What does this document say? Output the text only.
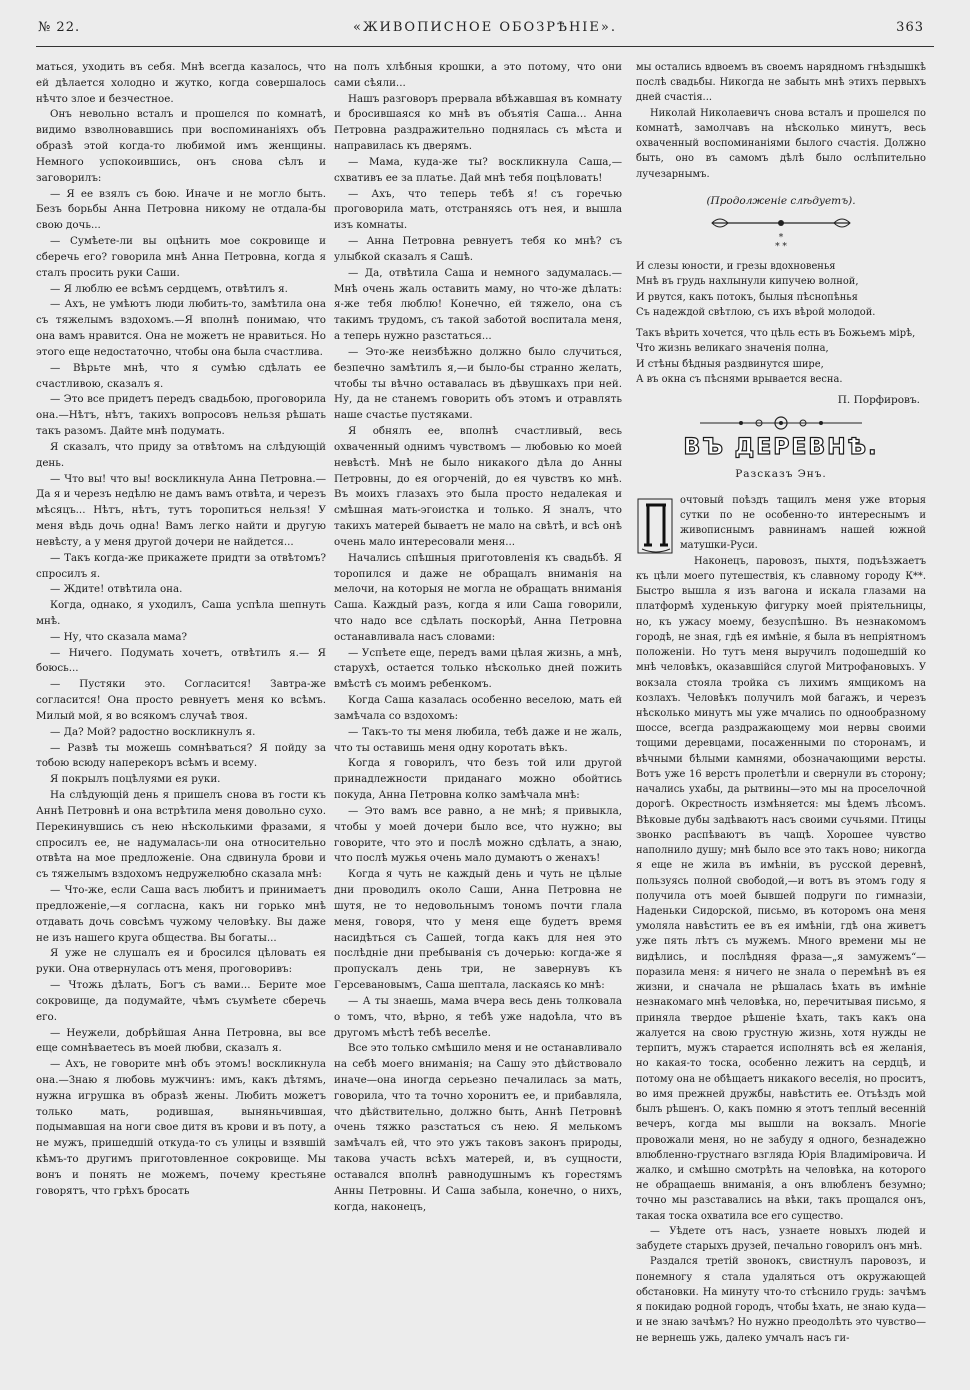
№ 22.	«ЖИВОПИСНОЕ ОБОЗРѢНІЕ».	363

маться, уходить въ себя. Мнѣ всегда казалось, что ей дѣлается холодно и жутко, когда совершалось нѣчто злое и безчестное.

Онъ невольно всталъ и прошелся по комнатѣ, видимо взволновавшись при воспоминаніяхъ объ образѣ этой когда-то любимой имъ женщины. Немного успокоившись, онъ снова сѣлъ и заговорилъ:

— Я ее взялъ съ бою. Иначе и не могло быть. Безъ борьбы Анна Петровна никому не отдала-бы свою дочь...

— Сумѣете-ли вы оцѣнить мое сокровище и сберечь его? говорила мнѣ Анна Петровна, когда я сталъ просить руки Саши.

— Я люблю ее всѣмъ сердцемъ, отвѣтилъ я.

— Ахъ, не умѣютъ люди любить-то, замѣтила она съ тяжелымъ вздохомъ.—Я вполнѣ понимаю, что она вамъ нравится. Она не можетъ не нравиться. Но этого еще недостаточно, чтобы она была счастлива.

— Вѣрьте мнѣ, что я сумѣю сдѣлать ее счастливою, сказалъ я.

— Это все придетъ передъ свадьбою, проговорила она.—Нѣтъ, нѣтъ, такихъ вопросовъ нельзя рѣшать такъ разомъ. Дайте мнѣ подумать.

Я сказалъ, что приду за отвѣтомъ на слѣдующій день.

— Что вы! что вы! воскликнула Анна Петровна.—Да я и черезъ недѣлю не дамъ вамъ отвѣта, и черезъ мѣсяцъ... Нѣтъ, нѣтъ, тутъ торопиться нельзя! У меня вѣдь дочь одна! Вамъ легко найти и другую невѣсту, а у меня другой дочери не найдется...

— Такъ когда-же прикажете придти за отвѣтомъ? спросилъ я.

— Ждите! отвѣтила она.

Когда, однако, я уходилъ, Саша успѣла шепнуть мнѣ.

— Ну, что сказала мама?

— Ничего. Подумать хочетъ, отвѣтилъ я.— Я боюсь...

— Пустяки это. Согласится! Завтра-же согласится! Она просто ревнуетъ меня ко всѣмъ. Милый мой, я во всякомъ случаѣ твоя.

— Да? Мой? радостно воскликнулъ я.

— Развѣ ты можешь сомнѣваться? Я пойду за тобою всюду наперекоръ всѣмъ и всему.

Я покрылъ поцѣлуями ея руки.

На слѣдующій день я пришелъ снова въ гости къ Аннѣ Петровнѣ и она встрѣтила меня довольно сухо. Перекинувшись съ нею нѣсколькими фразами, я спросилъ ее, не надумалась-ли она относительно отвѣта на мое предложеніе. Она сдвинула брови и съ тяжелымъ вздохомъ недружелюбно сказала мнѣ:

— Что-же, если Саша васъ любитъ и принимаетъ предложеніе,—я согласна, какъ ни горько мнѣ отдавать дочь совсѣмъ чужому человѣку. Вы даже не изъ нашего круга общества. Вы богаты...

Я уже не слушалъ ея и бросился цѣловать ея руки. Она отвернулась отъ меня, проговоривъ:

— Чтожь дѣлать, Богъ съ вами... Берите мое сокровище, да подумайте, чѣмъ съумѣете сберечь его.

— Неужели, добрѣйшая Анна Петровна, вы все еще сомнѣваетесь въ моей любви, сказалъ я.

— Ахъ, не говорите мнѣ объ этомъ! воскликнула она.—Знаю я любовь мужчинъ: имъ, какъ дѣтямъ, нужна игрушка въ образѣ жены. Любить можетъ только мать, родившая, выняньчившая, подымавшая на ноги свое дитя въ крови и въ поту, а не мужъ, пришедшій откуда-то съ улицы и взявшій кѣмъ-то другимъ приготовленное сокровище. Мы вонъ и понять не можемъ, почему крестьяне говорятъ, что грѣхъ бросать

на полъ хлѣбныя крошки, а это потому, что они сами сѣяли...

Нашъ разговоръ прервала вбѣжавшая въ комнату и бросившаяся ко мнѣ въ объятія Саша... Анна Петровна раздражительно поднялась съ мѣста и направилась къ дверямъ.

— Мама, куда-же ты? воскликнула Саша,— схвативъ ее за платье. Дай мнѣ тебя поцѣловать!

— Ахъ, что теперь тебѣ я! съ горечью проговорила мать, отстраняясь отъ нея, и вышла изъ комнаты.

— Анна Петровна ревнуетъ тебя ко мнѣ? съ улыбкой сказалъ я Сашѣ.

— Да, отвѣтила Саша и немного задумалась.— Мнѣ очень жаль оставить маму, но что-же дѣлать: я-же тебя люблю! Конечно, ей тяжело, она съ такимъ трудомъ, съ такой заботой воспитала меня, а теперь нужно разстаться...

— Это-же неизбѣжно должно было случиться, безпечно замѣтилъ я,—и было-бы странно желать, чтобы ты вѣчно оставалась въ дѣвушкахъ при ней. Ну, да не станемъ говорить объ этомъ и отравлять наше счастье пустяками.

Я обнялъ ее, вполнѣ счастливый, весь охваченный однимъ чувствомъ — любовью ко моей невѣстѣ. Мнѣ не было никакого дѣла до Анны Петровны, до ея огорченій, до ея чувствъ ко мнѣ. Въ моихъ глазахъ это была просто недалекая и смѣшная мать-эгоистка и только. Я зналъ, что такихъ матерей бываетъ не мало на свѣтѣ, и всѣ онѣ очень мало интересовали меня...

Начались спѣшныя приготовленія къ свадьбѣ. Я торопился и даже не обращалъ вниманія на мелочи, на которыя не могла не обращать вниманія Саша. Каждый разъ, когда я или Саша говорили, что надо все сдѣлать поскорѣй, Анна Петровна останавливала насъ словами:

— Успѣете еще, передъ вами цѣлая жизнь, а мнѣ, старухѣ, остается только нѣсколько дней пожить вмѣстѣ съ моимъ ребенкомъ.

Когда Саша казалась особенно веселою, мать ей замѣчала со вздохомъ:

— Такъ-то ты меня любила, тебѣ даже и не жаль, что ты оставишь меня одну коротать вѣкъ.

Когда я говорилъ, что безъ той или другой принадлежности приданаго можно обойтись покуда, Анна Петровна колко замѣчала мнѣ:

— Это вамъ все равно, а не мнѣ; я привыкла, чтобы у моей дочери было все, что нужно; вы говорите, что это и послѣ можно сдѣлать, а знаю, что послѣ мужья очень мало думаютъ о женахъ!

Когда я чуть не каждый день и чуть не цѣлые дни проводилъ около Саши, Анна Петровна не шутя, не то недовольнымъ тономъ почти глала меня, говоря, что у меня еще будетъ время насидѣться съ Сашей, тогда какъ для нея это послѣдніе дни пребыванія съ дочерью: когда-же я пропускалъ день три, не завернувъ къ Герсевановымъ, Саша шептала, ласкаясь ко мнѣ:

— А ты знаешь, мама вчера весь день толковала о томъ, что, вѣрно, я тебѣ уже надоѣла, что въ другомъ мѣстѣ тебѣ веселѣе.

Все это только смѣшило меня и не останавливало на себѣ моего вниманія; на Сашу это дѣйствовало иначе—она иногда серьезно печалилась за мать, говорила, что та точно хоронитъ ее, и прибавляла, что дѣйствительно, должно быть, Аннѣ Петровнѣ очень тяжко разстаться съ нею. Я мелькомъ замѣчалъ ей, что это ужъ таковъ законъ природы, такова участь всѣхъ матерей, и, въ сущности, оставался вполнѣ равнодушнымъ къ горестямъ Анны Петровны. И Саша забыла, конечно, о нихъ, когда, наконецъ,

мы остались вдвоемъ въ своемъ нарядномъ гнѣздышкѣ послѣ свадьбы. Никогда не забыть мнѣ этихъ первыхъ дней счастія...

Николай Николаевичъ снова всталъ и прошелся по комнатѣ, замолчавъ на нѣсколько минутъ, весь охваченный воспоминаніями былого счастія. Должно быть, оно въ самомъ дѣлѣ было ослѣпительно лучезарнымъ.

(Продолженіе слѣдуетъ).
*
* *

И слезы юности, и грезы вдохновенья

Мнѣ въ грудь нахлынули кипучею волной,

И рвутся, какъ потокъ, былыя пѣснопѣнья

Съ надеждой свѣтлою, съ ихъ вѣрой молодой.

Такъ вѣрить хочется, что цѣль есть въ Божьемъ мірѣ,

Что жизнь великаго значенія полна,

И стѣны бѣдныя раздвинутся шире,

А въ окна съ пѣснями врывается весна.

П. Порфировъ.
ВЪ ДЕРЕВНѢ.
Разсказъ Энъ.

очтовый поѣздъ тащилъ меня уже вторыя сутки по не особенно-то интереснымъ и живописнымъ равнинамъ нашей южной матушки-Руси.

Наконецъ, паровозъ, пыхтя, подъѣзжаетъ къ цѣли моего путешествія, къ славному городу К**. Быстро вышла я изъ вагона и искала глазами на платформѣ худенькую фигурку моей пріятельницы, но, къ ужасу моему, безуспѣшно. Въ незнакомомъ городѣ, не зная, гдѣ ея имѣніе, я была въ непріятномъ положеніи. Но тутъ меня выручилъ подошедшій ко мнѣ человѣкъ, оказавшійся слугой Митрофановыхъ. У вокзала стояла тройка съ лихимъ ямщикомъ на козлахъ. Человѣкъ получилъ мой багажъ, и черезъ нѣсколько минутъ мы уже мчались по однообразному шоссе, всегда раздражающему мои нервы своими тощими деревцами, посаженными по сторонамъ, и вѣчными бѣлыми камнями, обозначающими версты. Вотъ уже 16 верстъ пролетѣли и свернули въ сторону; начались ухабы, да рытвины—это мы на проселочной дорогѣ. Окрестность измѣняется: мы ѣдемъ лѣсомъ. Вѣковые дубы задѣваютъ насъ своими сучьями. Птицы звонко распѣваютъ въ чащѣ. Хорошее чувство наполнило душу; мнѣ было все это такъ ново; никогда я еще не жила въ имѣніи, въ русской деревнѣ, пользуясь полной свободой,—и вотъ въ этомъ году я получила отъ моей бывшей подруги по гимназіи, Наденьки Сидорской, письмо, въ которомъ она меня умоляла навѣстить ее въ ея имѣніи, гдѣ она живетъ уже пять лѣтъ съ мужемъ. Много времени мы не видѣлись, и послѣдняя фраза—„я замужемъ“—поразила меня: я ничего не знала о перемѣнѣ въ ея жизни, и сначала не рѣшалась ѣхать въ имѣніе незнакомаго мнѣ человѣка, но, перечитывая письмо, я приняла твердое рѣшеніе ѣхать, такъ какъ она жалуется на свою грустную жизнь, хотя нужды не терпитъ, мужъ старается исполнять всѣ ея желанія, но какая-то тоска, особенно лежитъ на сердцѣ, и потому она не обѣщаетъ никакого веселія, но проситъ, во имя прежней дружбы, навѣстить ее. Отъѣздъ мой былъ рѣшенъ. О, какъ помню я этотъ теплый весенній вечеръ, когда мы вышли на вокзалъ. Многіе провожали меня, но не забуду я одного, безнадежно влюбленно-грустнаго взгляда Юрія Владиміровича. И жалко, и смѣшно смотрѣть на человѣка, на которого не обращаешь вниманія, а онъ влюбленъ безумно; точно мы разставались на вѣки, такъ прощался онъ, такая тоска охватила все его существо.

— Уѣдете отъ насъ, узнаете новыхъ людей и забудете старыхъ друзей, печально говорилъ онъ мнѣ.

Раздался третій звонокъ, свистнулъ паровозъ, и понемногу я стала удаляться отъ окружающей обстановки. На минуту что-то стѣснило грудь: зачѣмъ я покидаю родной городъ, чтобы ѣхать, не знаю куда—и не знаю зачѣмъ? Но нужно преодолѣть это чувство—не вернешь ужь, далеко умчалъ насъ ги-
